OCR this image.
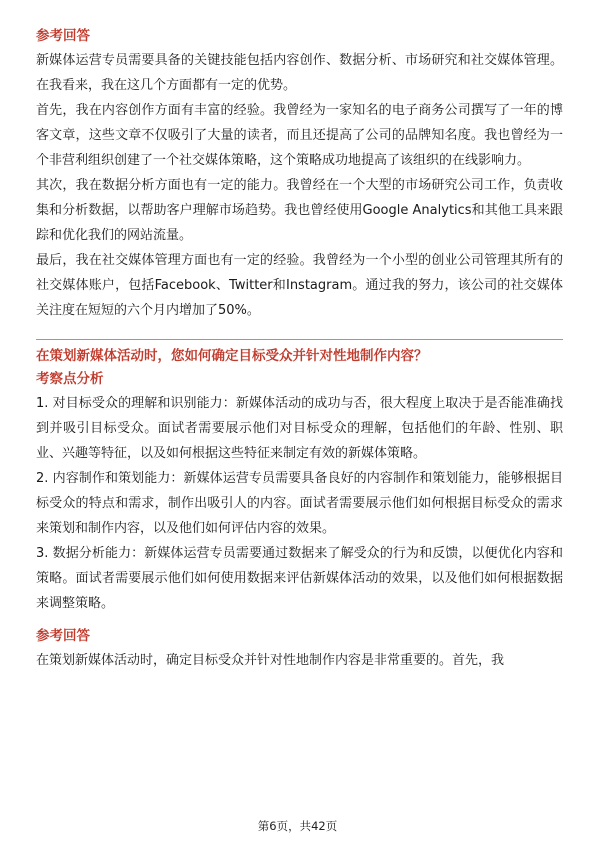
参考回答

新媒体运营专员需要具备的关键技能包括内容创作、数据分析、市场研究和社交媒体管理。在我看来，我在这几个方面都有一定的优势。

首先，我在内容创作方面有丰富的经验。我曾经为一家知名的电子商务公司撰写了一年的博客文章，这些文章不仅吸引了大量的读者，而且还提高了公司的品牌知名度。我也曾经为一个非营利组织创建了一个社交媒体策略，这个策略成功地提高了该组织的在线影响力。

其次，我在数据分析方面也有一定的能力。我曾经在一个大型的市场研究公司工作，负责收集和分析数据，以帮助客户理解市场趋势。我也曾经使用Google Analytics和其他工具来跟踪和优化我们的网站流量。

最后，我在社交媒体管理方面也有一定的经验。我曾经为一个小型的创业公司管理其所有的社交媒体账户，包括Facebook、Twitter和Instagram。通过我的努力，该公司的社交媒体关注度在短短的六个月内增加了50%。

在策划新媒体活动时，您如何确定目标受众并针对性地制作内容？
考察点分析

1. 对目标受众的理解和识别能力：新媒体活动的成功与否，很大程度上取决于是否能准确找到并吸引目标受众。面试者需要展示他们对目标受众的理解，包括他们的年龄、性别、职业、兴趣等特征，以及如何根据这些特征来制定有效的新媒体策略。

2. 内容制作和策划能力：新媒体运营专员需要具备良好的内容制作和策划能力，能够根据目标受众的特点和需求，制作出吸引人的内容。面试者需要展示他们如何根据目标受众的需求来策划和制作内容，以及他们如何评估内容的效果。

3. 数据分析能力：新媒体运营专员需要通过数据来了解受众的行为和反馈，以便优化内容和策略。面试者需要展示他们如何使用数据来评估新媒体活动的效果，以及他们如何根据数据来调整策略。

参考回答

在策划新媒体活动时，确定目标受众并针对性地制作内容是非常重要的。首先，我

第6页，共42页
